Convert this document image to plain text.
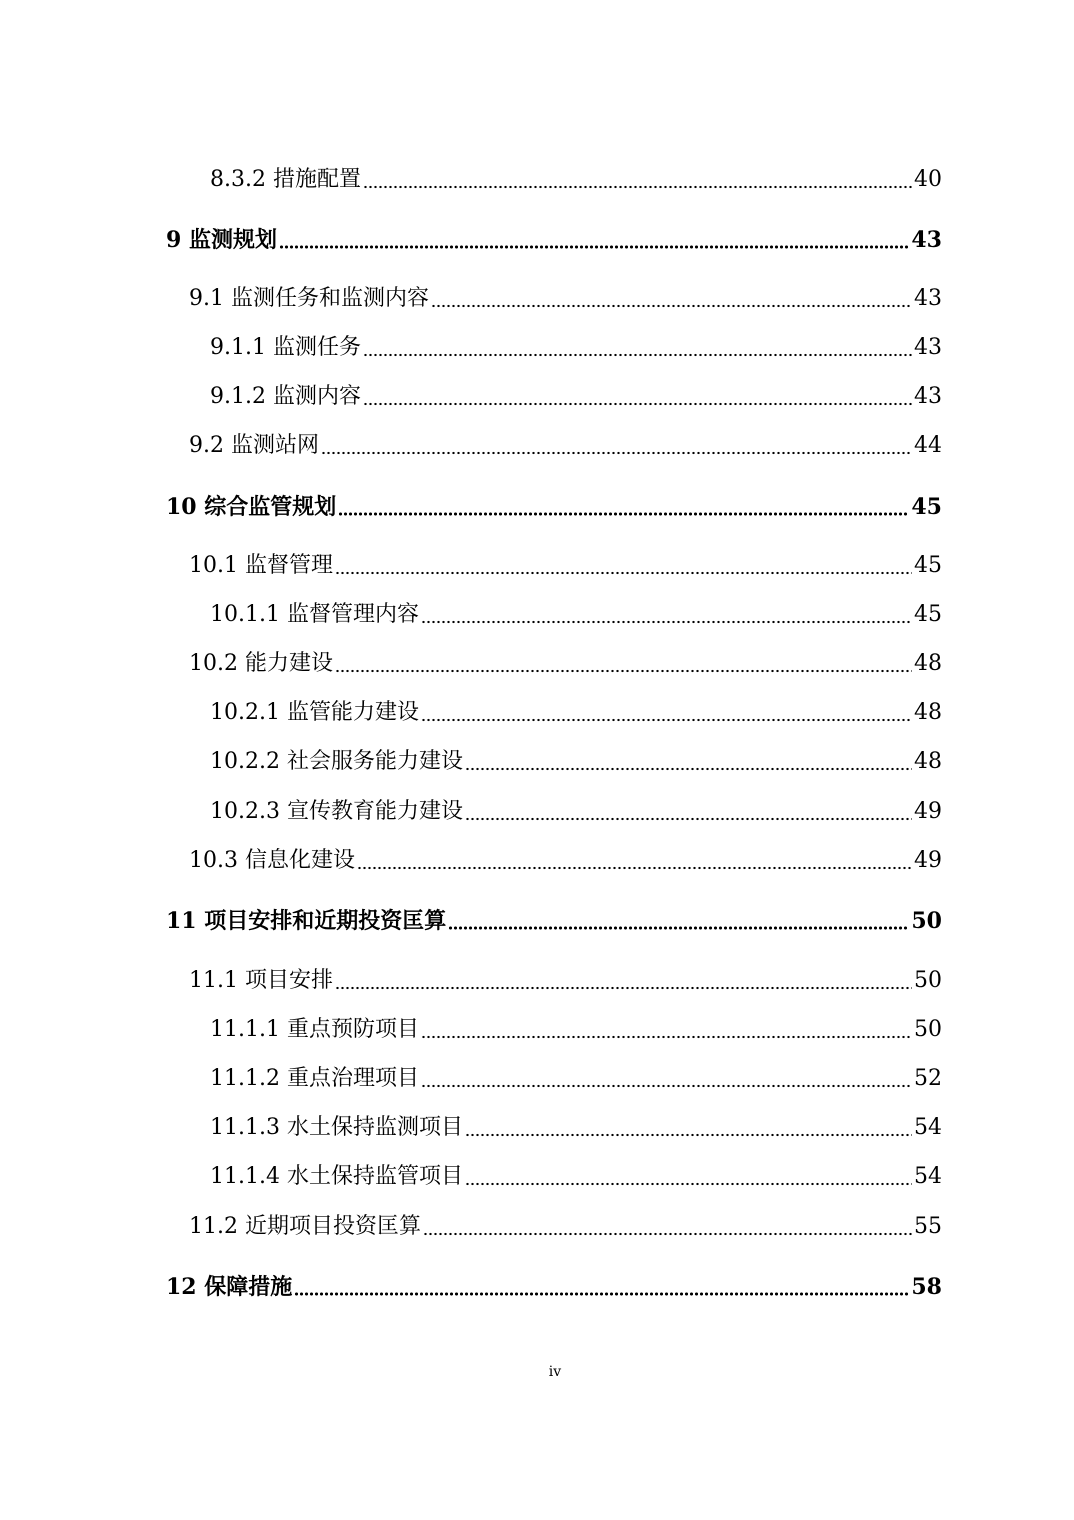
8.3.2 措施配置	40
9 监测规划	43
9.1 监测任务和监测内容	43
9.1.1 监测任务	43
9.1.2 监测内容	43
9.2 监测站网	44
10 综合监管规划	45
10.1 监督管理	45
10.1.1 监督管理内容	45
10.2 能力建设	48
10.2.1 监管能力建设	48
10.2.2 社会服务能力建设	48
10.2.3 宣传教育能力建设	49
10.3 信息化建设	49
11 项目安排和近期投资匡算	50
11.1 项目安排	50
11.1.1 重点预防项目	50
11.1.2 重点治理项目	52
11.1.3 水土保持监测项目	54
11.1.4 水土保持监管项目	54
11.2 近期项目投资匡算	55
12 保障措施	58
iv
